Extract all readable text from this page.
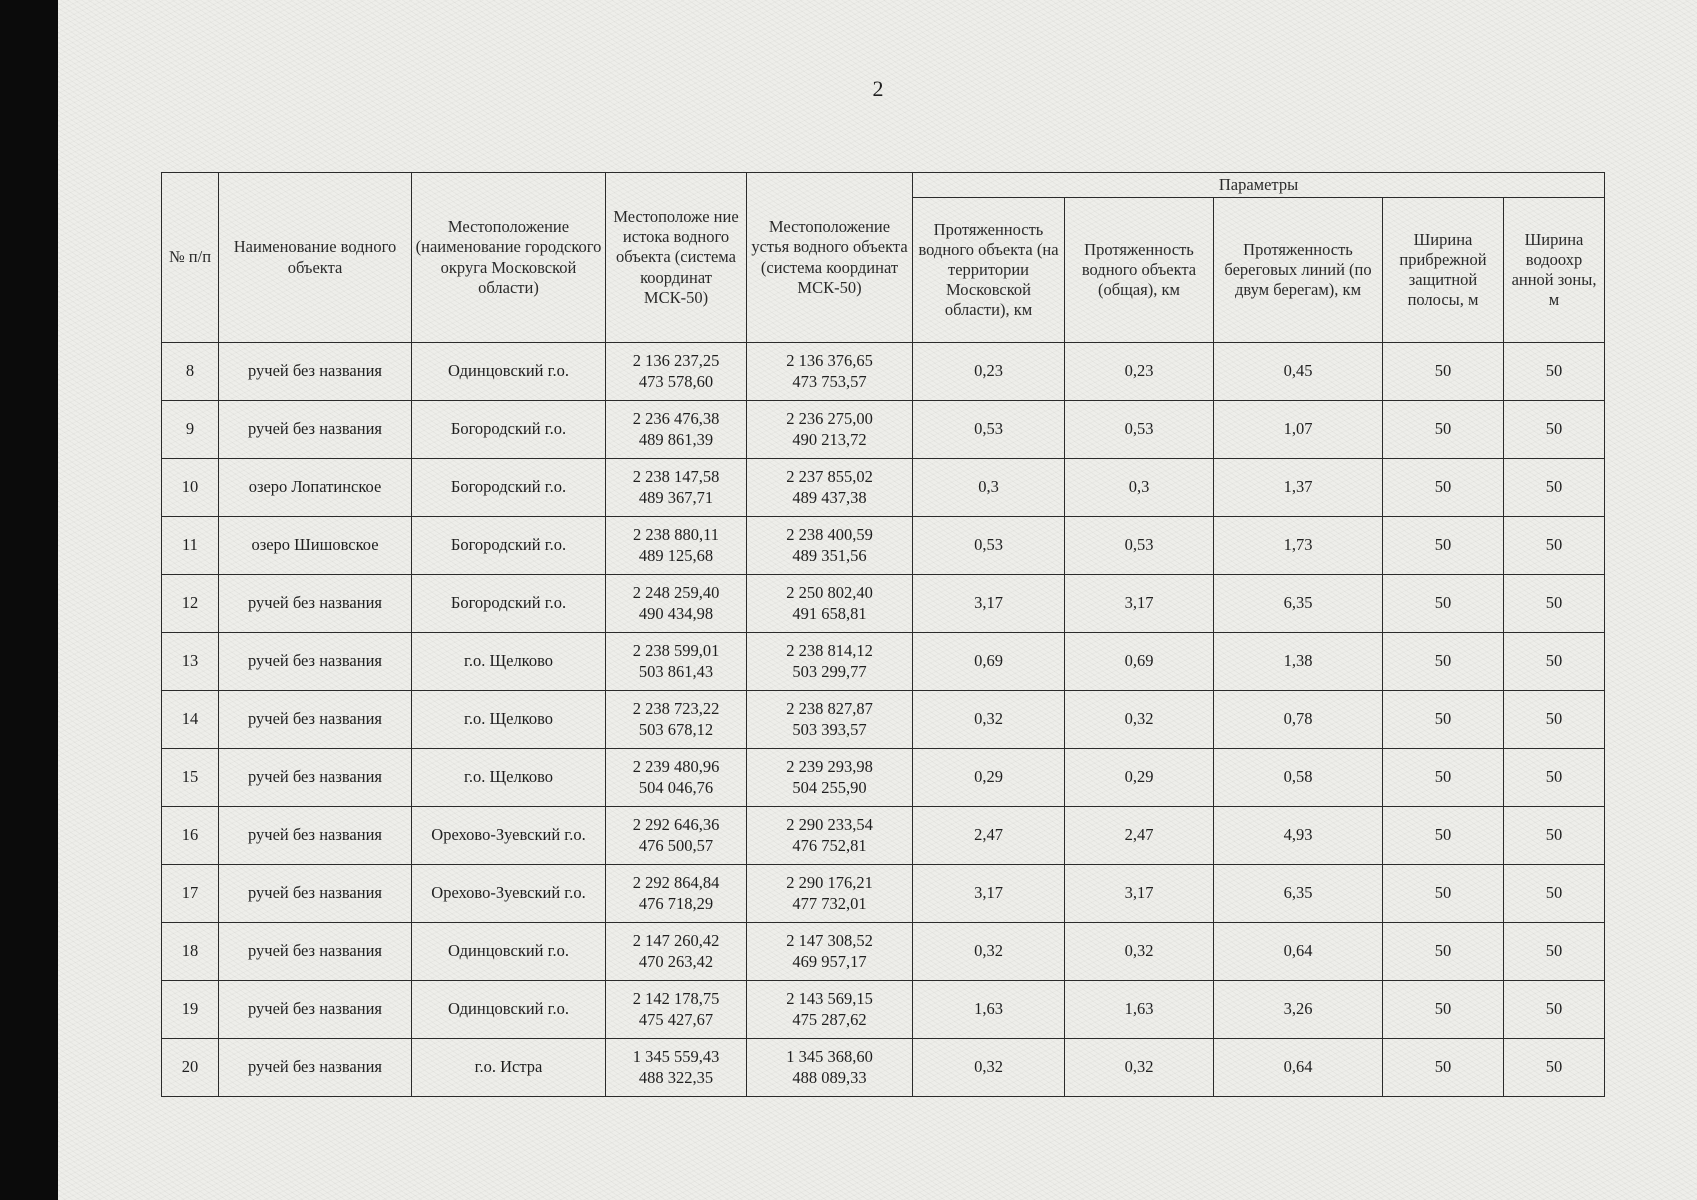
2
№ п/п	Наименование водного объекта	Местоположение (наименование городского округа Московской области)	Местоположе ние истока водного объекта (система координат МСК-50)	Местоположение устья водного объекта (система координат МСК-50)	Параметры				
					Протяженность водного объекта (на территории Московской области), км	Протяженность водного объекта (общая), км	Протяженность береговых линий (по двум берегам), км	Ширина прибрежной защитной полосы, м	Ширина водоохр анной зоны, м
8	ручей без названия	Одинцовский г.о.	2 136 237,25
473 578,60	2 136 376,65
473 753,57	0,23	0,23	0,45	50	50
9	ручей без названия	Богородский г.о.	2 236 476,38
489 861,39	2 236 275,00
490 213,72	0,53	0,53	1,07	50	50
10	озеро Лопатинское	Богородский г.о.	2 238 147,58
489 367,71	2 237 855,02
489 437,38	0,3	0,3	1,37	50	50
11	озеро Шишовское	Богородский г.о.	2 238 880,11
489 125,68	2 238 400,59
489 351,56	0,53	0,53	1,73	50	50
12	ручей без названия	Богородский г.о.	2 248 259,40
490 434,98	2 250 802,40
491 658,81	3,17	3,17	6,35	50	50
13	ручей без названия	г.о. Щелково	2 238 599,01
503 861,43	2 238 814,12
503 299,77	0,69	0,69	1,38	50	50
14	ручей без названия	г.о. Щелково	2 238 723,22
503 678,12	2 238 827,87
503 393,57	0,32	0,32	0,78	50	50
15	ручей без названия	г.о. Щелково	2 239 480,96
504 046,76	2 239 293,98
504 255,90	0,29	0,29	0,58	50	50
16	ручей без названия	Орехово-Зуевский г.о.	2 292 646,36
476 500,57	2 290 233,54
476 752,81	2,47	2,47	4,93	50	50
17	ручей без названия	Орехово-Зуевский г.о.	2 292 864,84
476 718,29	2 290 176,21
477 732,01	3,17	3,17	6,35	50	50
18	ручей без названия	Одинцовский г.о.	2 147 260,42
470 263,42	2 147 308,52
469 957,17	0,32	0,32	0,64	50	50
19	ручей без названия	Одинцовский г.о.	2 142 178,75
475 427,67	2 143 569,15
475 287,62	1,63	1,63	3,26	50	50
20	ручей без названия	г.о. Истра	1 345 559,43
488 322,35	1 345 368,60
488 089,33	0,32	0,32	0,64	50	50
